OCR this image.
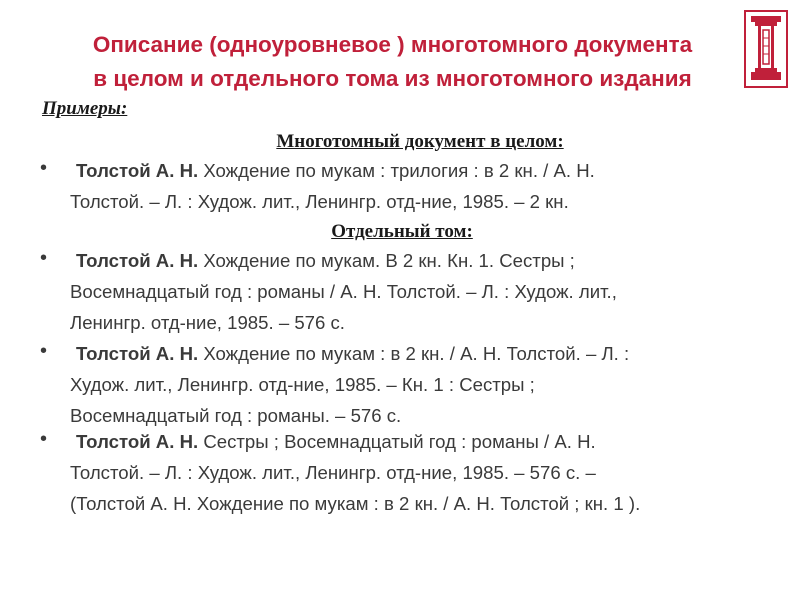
Описание (одноуровневое ) многотомного документа
в целом и отдельного тома из многотомного издания
Примеры:
Многотомный документ в целом:
• Толстой А. Н. Хождение по мукам : трилогия : в 2 кн. / А. Н.
Толстой. – Л. : Худож. лит., Ленингр. отд-ние, 1985. – 2 кн.
Отдельный том:
• Толстой А. Н. Хождение по мукам. В 2 кн. Кн. 1. Сестры ;
Восемнадцатый год : романы / А. Н. Толстой. – Л. : Худож. лит.,
Ленингр. отд-ние, 1985. – 576 с.
• Толстой А. Н. Хождение по мукам : в 2 кн. / А. Н. Толстой. – Л. :
Худож. лит., Ленингр. отд-ние, 1985. – Кн. 1 : Сестры ;
Восемнадцатый год : романы. – 576 с.
• Толстой А. Н. Сестры ; Восемнадцатый год : романы / А. Н.
Толстой. – Л. : Худож. лит., Ленингр. отд-ние, 1985. – 576 с. –
(Толстой А. Н. Хождение по мукам : в 2 кн. / А. Н. Толстой ; кн. 1 ).
